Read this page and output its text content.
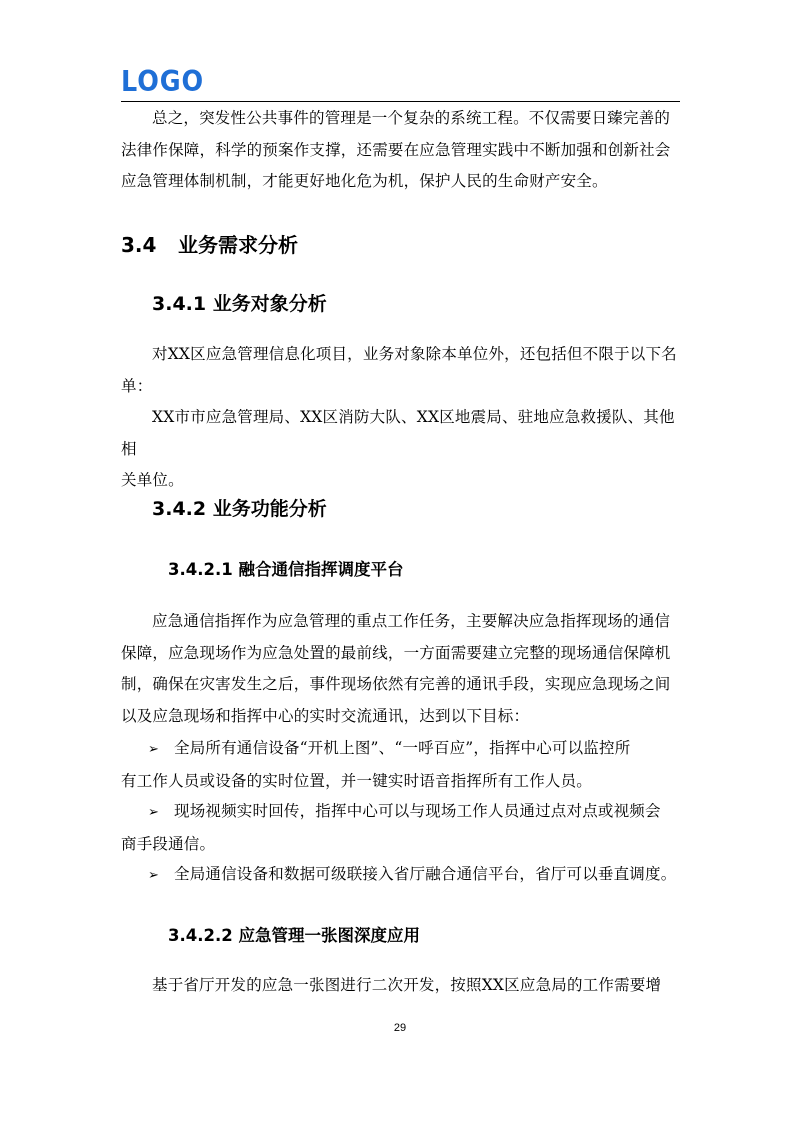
LOGO
总之，突发性公共事件的管理是一个复杂的系统工程。不仅需要日臻完善的
法律作保障，科学的预案作支撑，还需要在应急管理实践中不断加强和创新社会
应急管理体制机制，才能更好地化危为机，保护人民的生命财产安全。
3.4 业务需求分析
3.4.1 业务对象分析
对XX区应急管理信息化项目，业务对象除本单位外，还包括但不限于以下名
单：
XX市市应急管理局、XX区消防大队、XX区地震局、驻地应急救援队、其他相
关单位。
3.4.2 业务功能分析
3.4.2.1 融合通信指挥调度平台
应急通信指挥作为应急管理的重点工作任务，主要解决应急指挥现场的通信
保障，应急现场作为应急处置的最前线，一方面需要建立完整的现场通信保障机
制，确保在灾害发生之后，事件现场依然有完善的通讯手段，实现应急现场之间
以及应急现场和指挥中心的实时交流通讯，达到以下目标：
➢ 全局所有通信设备“开机上图”、“一呼百应”，指挥中心可以监控所
有工作人员或设备的实时位置，并一键实时语音指挥所有工作人员。
➢ 现场视频实时回传，指挥中心可以与现场工作人员通过点对点或视频会
商手段通信。
➢ 全局通信设备和数据可级联接入省厅融合通信平台，省厅可以垂直调度。
3.4.2.2 应急管理一张图深度应用
基于省厅开发的应急一张图进行二次开发，按照XX区应急局的工作需要增
29
